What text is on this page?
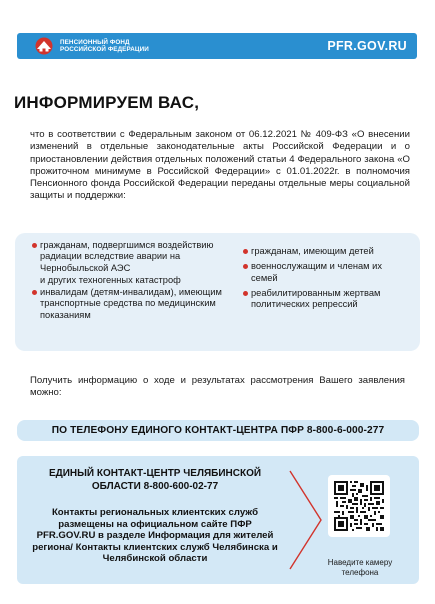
ПЕНСИОННЫЙ ФОНД
РОССИЙСКОЙ ФЕДЕРАЦИИ	PFR.GOV.RU
ИНФОРМИРУЕМ ВАС,

что в соответствии с Федеральным законом от 06.12.2021 № 409-ФЗ «О внесении изменений в отдельные законодательные акты Российской Федерации и о приостановлении действия отдельных положений статьи 4 Федерального закона «О прожиточном минимуме в Российской Федерации» с 01.01.2022г. в полномочия Пенсионного фонда Российской Федерации переданы отдельные меры социальной защиты и поддержки:

гражданам, подвергшимся воздействию радиации вследствие аварии на Чернобыльской АЭС
и других техногенных катастроф
инвалидам (детям-инвалидам), имеющим транспортные средства по медицинским показаниям
гражданам, имеющим детей
военнослужащим и членам их семей
реабилитированным жертвам политических репрессий

Получить информацию о ходе и результатах рассмотрения Вашего заявления можно:

ПО ТЕЛЕФОНУ ЕДИНОГО КОНТАКТ-ЦЕНТРА ПФР 8-800-6-000-277
ЕДИНЫЙ КОНТАКТ-ЦЕНТР ЧЕЛЯБИНСКОЙ ОБЛАСТИ 8-800-600-02-77
Контакты региональных клиентских служб размещены на официальном сайте ПФР PFR.GOV.RU в разделе Информация для жителей региона/ Контакты клиентских служб Челябинска и Челябинской области	Наведите камеру телефона
